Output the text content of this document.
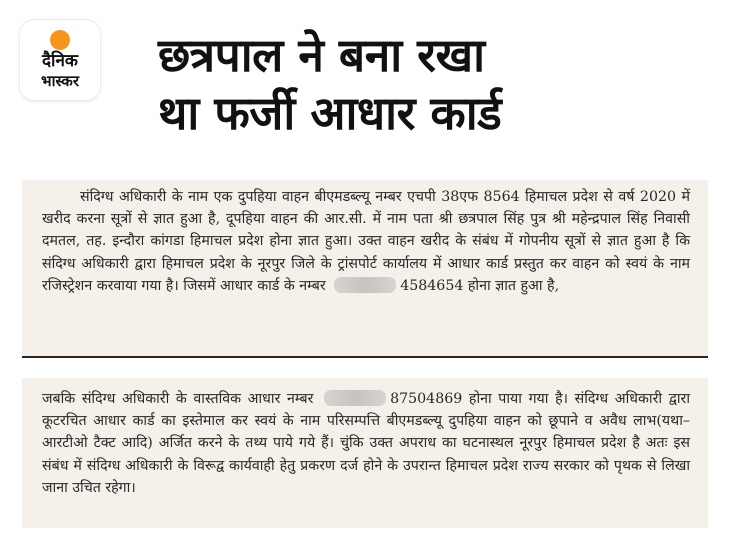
दैनिक
भास्कर	छत्रपाल ने बना रखा
था फर्जी आधार कार्ड

संदिग्ध अधिकारी के नाम एक दुपहिया वाहन बीएमडब्ल्यू नम्बर एचपी 38एफ 8564 हिमाचल प्रदेश से वर्ष 2020 में खरीद करना सूत्रों से ज्ञात हुआ है, दूपहिया वाहन की आर.सी. में नाम पता श्री छत्रपाल सिंह पुत्र श्री महेन्द्रपाल सिंह निवासी दमतल, तह. इन्दौरा कांगडा हिमाचल प्रदेश होना ज्ञात हुआ। उक्त वाहन खरीद के संबंध में गोपनीय सूत्रों से ज्ञात हुआ है कि संदिग्ध अधिकारी द्वारा हिमाचल प्रदेश के नूरपुर जिले के ट्रांसपोर्ट कार्यालय में आधार कार्ड प्रस्तुत कर वाहन को स्वयं के नाम रजिस्ट्रेशन करवाया गया है। जिसमें आधार कार्ड के नम्बर	4584654 होना ज्ञात हुआ है,

जबकि संदिग्ध अधिकारी के वास्तविक आधार नम्बर	87504869 होना पाया गया है। संदिग्ध अधिकारी द्वारा कूटरचित आधार कार्ड का इस्तेमाल कर स्वयं के नाम परिसम्पत्ति बीएमडब्ल्यू दुपहिया वाहन को छूपाने व अवैध लाभ(यथा–आरटीओ टैक्ट आदि) अर्जित करने के तथ्य पाये गये हैं। चुंकि उक्त अपराध का घटनास्थल नूरपुर हिमाचल प्रदेश है अतः इस संबंध में संदिग्ध अधिकारी के विरूद्व कार्यवाही हेतु प्रकरण दर्ज होने के उपरान्त हिमाचल प्रदेश राज्य सरकार को पृथक से लिखा जाना उचित रहेगा।
